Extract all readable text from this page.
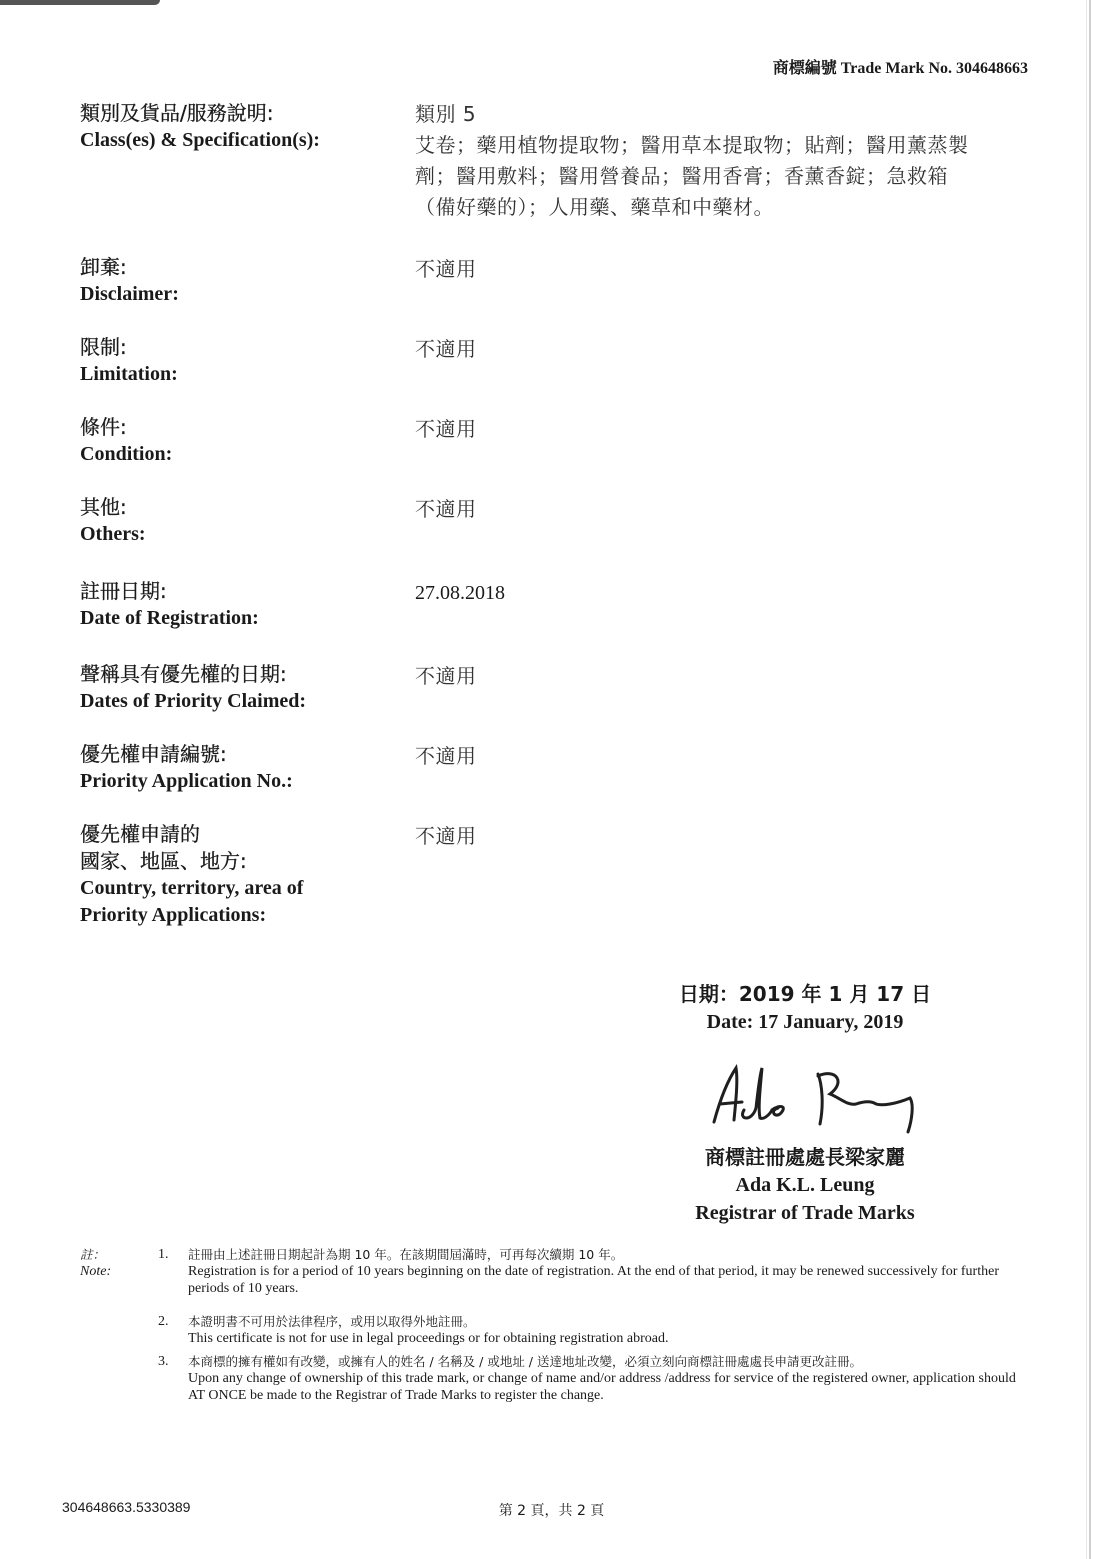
商標編號 Trade Mark No. 304648663
類別及貨品/服務說明:
Class(es) & Specification(s):
類別 5
艾卷；藥用植物提取物；醫用草本提取物；貼劑；醫用薰蒸製
劑；醫用敷料；醫用營養品；醫用香膏；香薰香錠；急救箱
（備好藥的）；人用藥、藥草和中藥材。
卸棄:
Disclaimer:
不適用
限制:
Limitation:
不適用
條件:
Condition:
不適用
其他:
Others:
不適用
註冊日期:
Date of Registration:
27.08.2018
聲稱具有優先權的日期:
Dates of Priority Claimed:
不適用
優先權申請編號:
Priority Application No.:
不適用
優先權申請的
國家、地區、地方:
Country, territory, area of
Priority Applications:
不適用
日期：2019 年 1 月 17 日
Date: 17 January, 2019
商標註冊處處長梁家麗
Ada K.L. Leung
Registrar of Trade Marks
註：
Note:
1. 註冊由上述註冊日期起計為期 10 年。在該期間屆滿時，可再每次續期 10 年。
Registration is for a period of 10 years beginning on the date of registration. At the end of that period, it may be renewed successively for further periods of 10 years.
2. 本證明書不可用於法律程序，或用以取得外地註冊。
This certificate is not for use in legal proceedings or for obtaining registration abroad.
3. 本商標的擁有權如有改變，或擁有人的姓名 / 名稱及 / 或地址 / 送達地址改變，必須立刻向商標註冊處處長申請更改註冊。
Upon any change of ownership of this trade mark, or change of name and/or address /address for service of the registered owner, application should AT ONCE be made to the Registrar of Trade Marks to register the change.
304648663.5330389	第 2 頁，共 2 頁
